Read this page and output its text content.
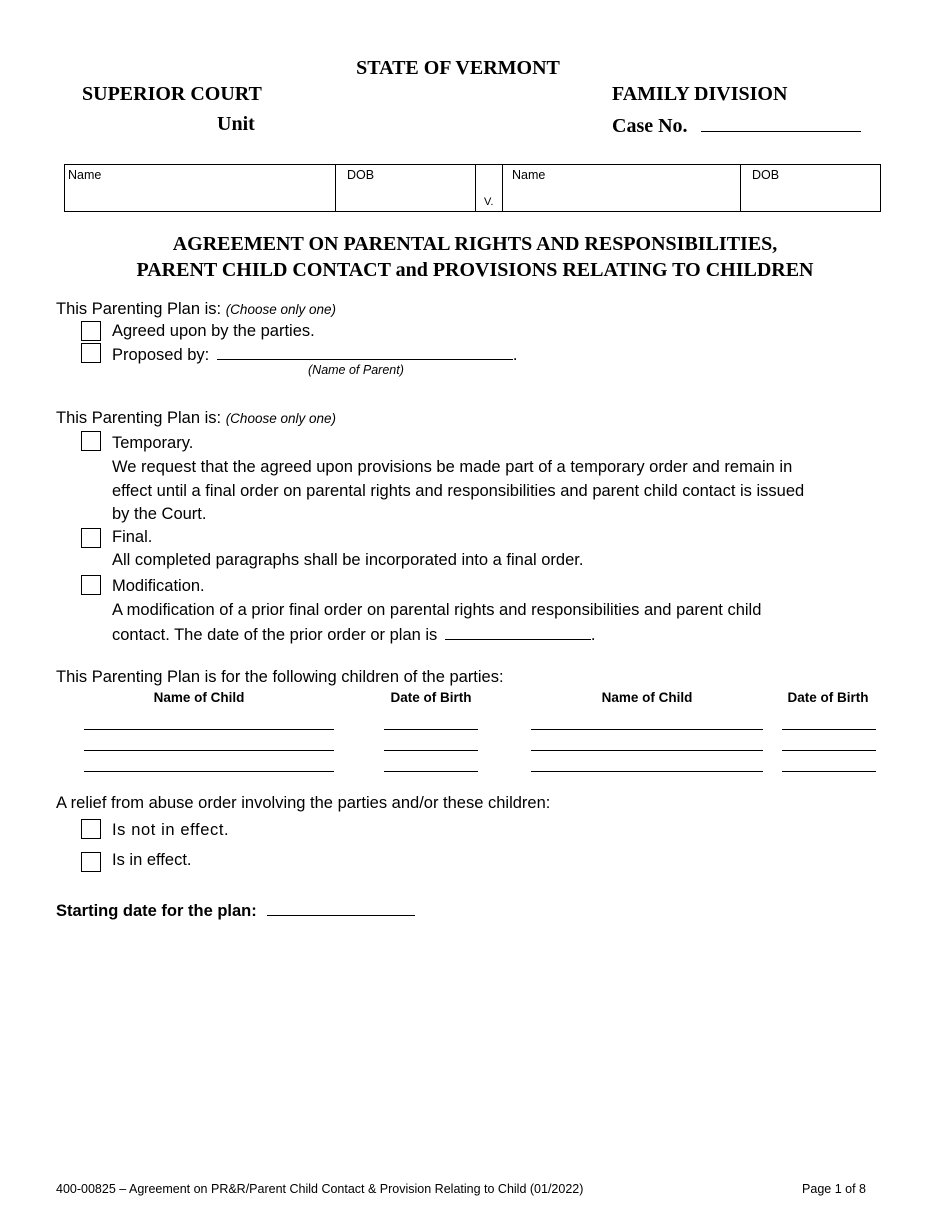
STATE OF VERMONT
SUPERIOR COURT
Unit
FAMILY DIVISION
Case No.
Name	DOB
V.
Name	DOB
AGREEMENT ON PARENTAL RIGHTS AND RESPONSIBILITIES,
PARENT CHILD CONTACT and PROVISIONS RELATING TO CHILDREN
This Parenting Plan is: (Choose only one)
Agreed upon by the parties.
Proposed by:	.
(Name of Parent)
This Parenting Plan is: (Choose only one)
Temporary.
We request that the agreed upon provisions be made part of a temporary order and remain in
effect until a final order on parental rights and responsibilities and parent child contact is issued
by the Court.
Final.
All completed paragraphs shall be incorporated into a final order.
Modification.
A modification of a prior final order on parental rights and responsibilities and parent child
contact. The date of the prior order or plan is	.
This Parenting Plan is for the following children of the parties:
Name of Child	Date of Birth	Name of Child	Date of Birth
A relief from abuse order involving the parties and/or these children:
Is not in effect.
Is in effect.
Starting date for the plan:
400-00825 – Agreement on PR&R/Parent Child Contact & Provision Relating to Child (01/2022)	Page 1 of 8
